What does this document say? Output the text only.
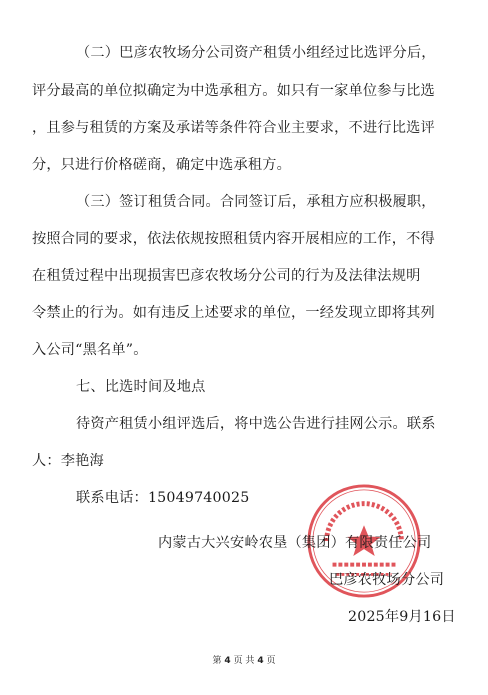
（二）巴彦农牧场分公司资产租赁小组经过比选评分后，
评分最高的单位拟确定为中选承租方。如只有一家单位参与比选
，且参与租赁的方案及承诺等条件符合业主要求，不进行比选评
分，只进行价格磋商，确定中选承租方。
（三）签订租赁合同。合同签订后，承租方应积极履职，
按照合同的要求，依法依规按照租赁内容开展相应的工作，不得
在租赁过程中出现损害巴彦农牧场分公司的行为及法律法规明
令禁止的行为。如有违反上述要求的单位，一经发现立即将其列
入公司“黑名单”。
七、比选时间及地点
待资产租赁小组评选后，将中选公告进行挂网公示。联系
人：李艳海
联系电话：15049740025
内蒙古大兴安岭农垦（集团）有限责任公司
巴彦农牧场分公司
2025年9月16日
第 4 页 共 4 页
